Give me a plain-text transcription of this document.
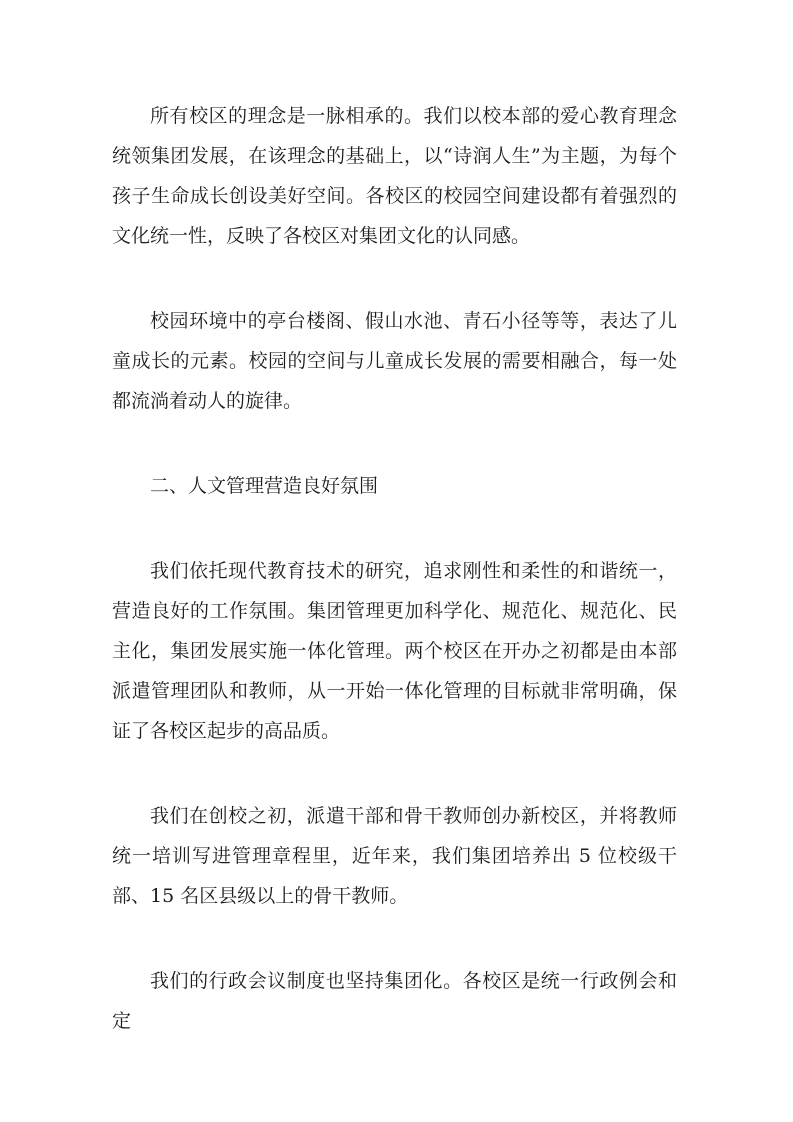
所有校区的理念是一脉相承的。我们以校本部的爱心教育理念统领集团发展，在该理念的基础上，以“诗润人生”为主题，为每个孩子生命成长创设美好空间。各校区的校园空间建设都有着强烈的文化统一性，反映了各校区对集团文化的认同感。

校园环境中的亭台楼阁、假山水池、青石小径等等，表达了儿童成长的元素。校园的空间与儿童成长发展的需要相融合，每一处都流淌着动人的旋律。

二、人文管理营造良好氛围

我们依托现代教育技术的研究，追求刚性和柔性的和谐统一，营造良好的工作氛围。集团管理更加科学化、规范化、规范化、民主化，集团发展实施一体化管理。两个校区在开办之初都是由本部派遣管理团队和教师，从一开始一体化管理的目标就非常明确，保证了各校区起步的高品质。

我们在创校之初，派遣干部和骨干教师创办新校区，并将教师统一培训写进管理章程里，近年来，我们集团培养出 5 位校级干部、15 名区县级以上的骨干教师。

我们的行政会议制度也坚持集团化。各校区是统一行政例会和定
